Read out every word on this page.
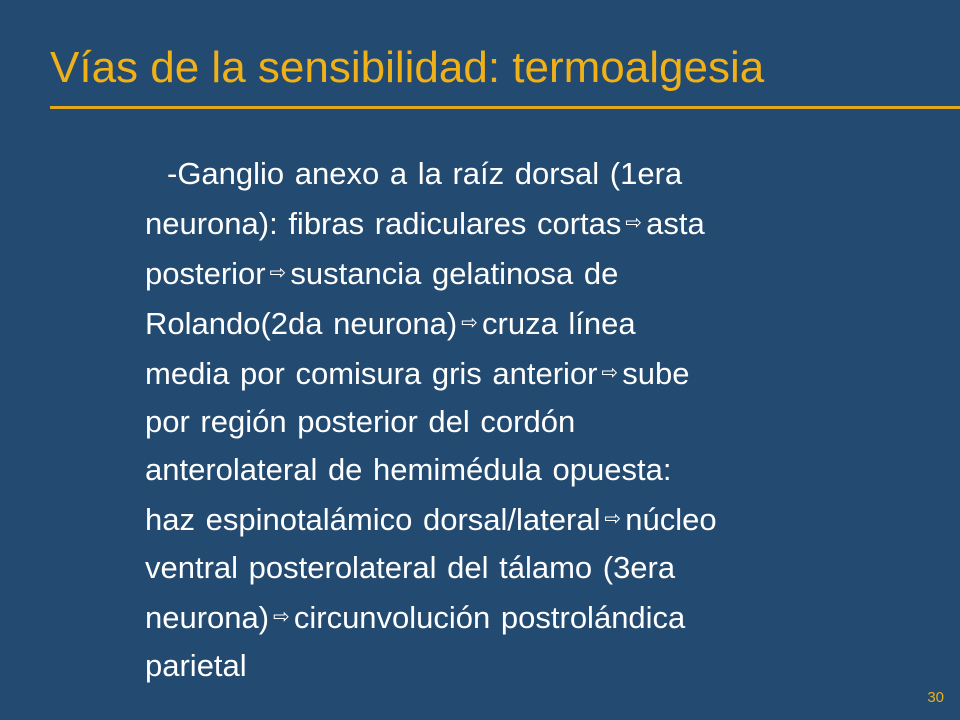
Vías de la sensibilidad: termoalgesia
-Ganglio anexo a la raíz dorsal (1era
neurona): fibras radiculares cortas ⇨ asta
posterior ⇨ sustancia gelatinosa de
Rolando(2da neurona) ⇨ cruza línea
media por comisura gris anterior ⇨ sube
por región posterior del cordón
anterolateral de hemimédula opuesta:
haz espinotalámico dorsal/lateral ⇨ núcleo
ventral posterolateral del tálamo (3era
neurona) ⇨ circunvolución postrolándica
parietal
30
